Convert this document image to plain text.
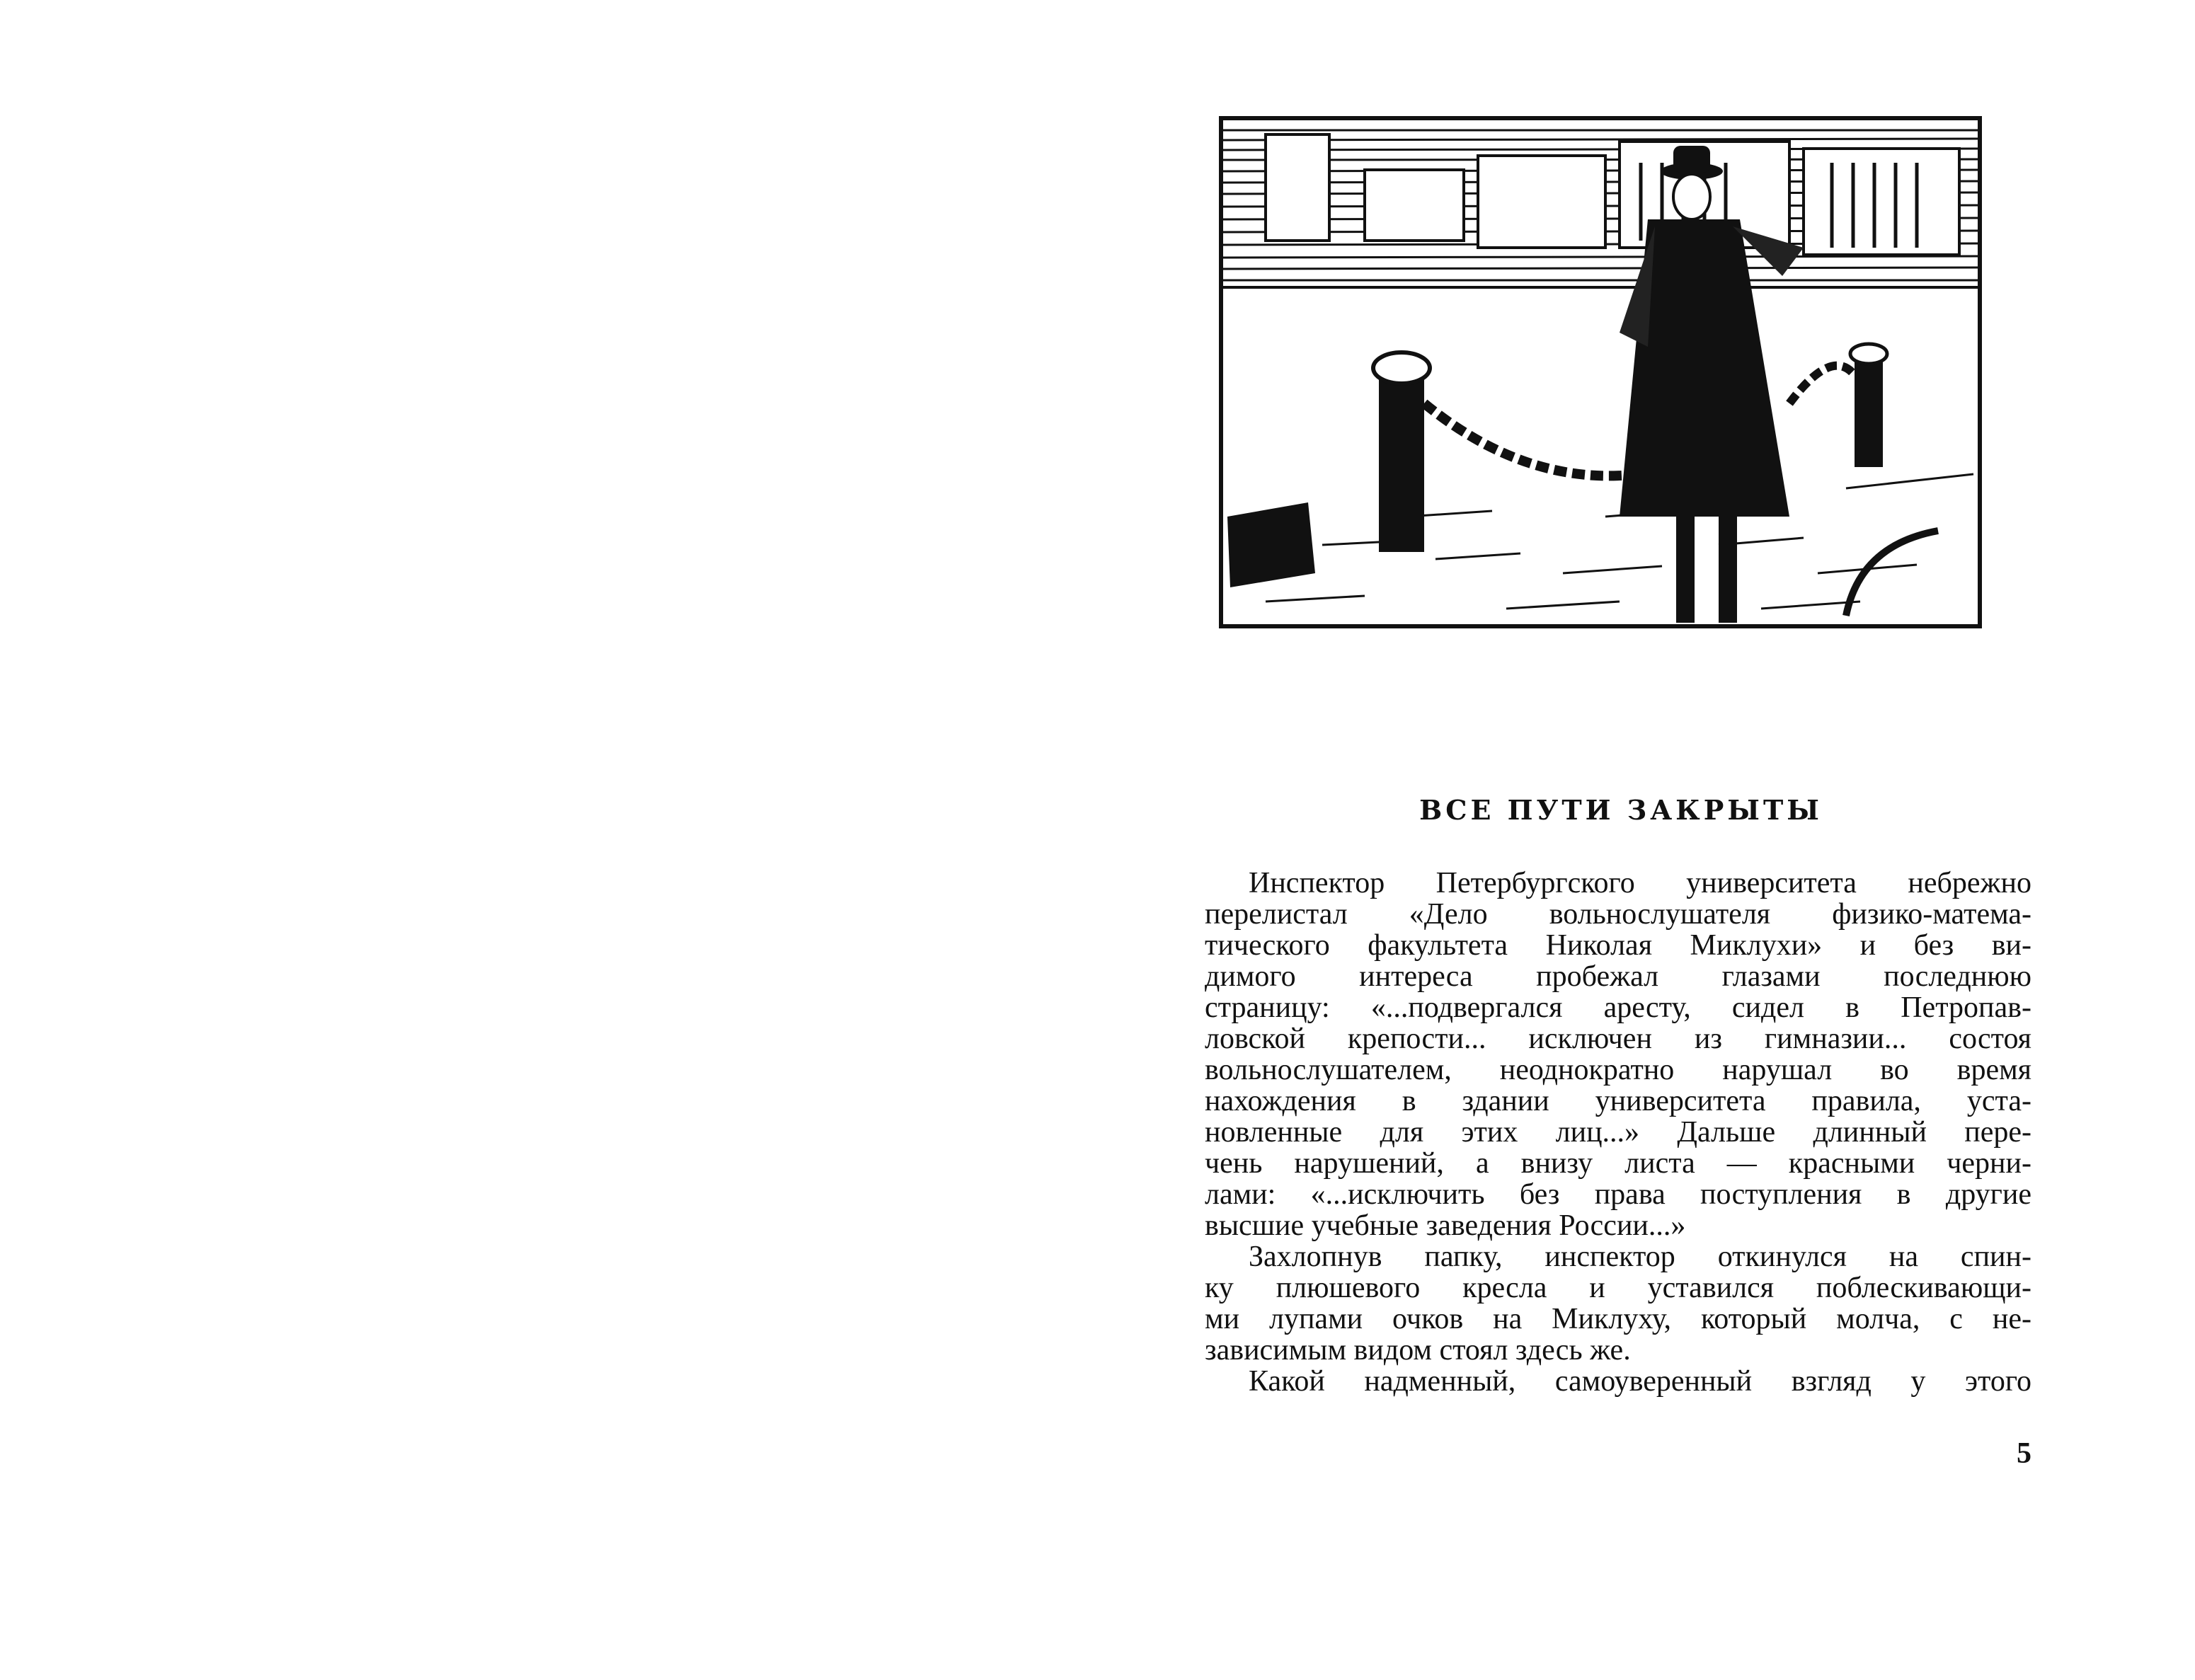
ВСЕ ПУТИ ЗАКРЫТЫ

Инспектор Петербургского университета небрежно
перелистал «Дело вольнослушателя физико-матема-
тического факультета Николая Миклухи» и без ви-
димого интереса пробежал глазами последнюю
страницу: «...подвергался аресту, сидел в Петропав-
ловской крепости... исключен из гимназии... состоя
вольнослушателем, неоднократно нарушал во время
нахождения в здании университета правила, уста-
новленные для этих лиц...» Дальше длинный пере-
чень нарушений, а внизу листа — красными черни-
лами: «...исключить без права поступления в другие
высшие учебные заведения России...»

Захлопнув папку, инспектор откинулся на спин-
ку плюшевого кресла и уставился поблескивающи-
ми лупами очков на Миклуху, который молча, с не-
зависимым видом стоял здесь же.

Какой надменный, самоуверенный взгляд у этого

5
